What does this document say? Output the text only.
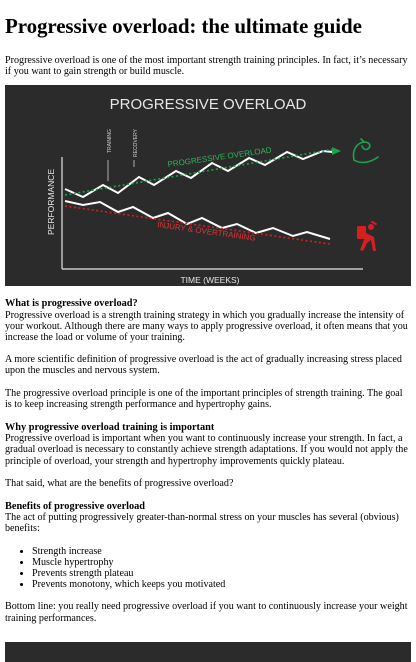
Progressive overload: the ultimate guide

Progressive overload is one of the most important strength training principles. In fact, it’s necessary if you want to gain strength or build muscle.

PROGRESSIVE OVERLOAD
PERFORMANCE
TIME (WEEKS)
TRAINING	RECOVERY
PROGRESSIVE OVERLOAD
INJURY & OVERTRAINING
What is progressive overload?

Progressive overload is a strength training strategy in which you gradually increase the intensity of your workout. Although there are many ways to apply progressive overload, it often means that you increase the load or volume of your training.

A more scientific definition of progressive overload is the act of gradually increasing stress placed upon the muscles and nervous system.

The progressive overload principle is one of the important principles of strength training. The goal is to keep increasing strength performance and hypertrophy gains.

Why progressive overload training is important

Progressive overload is important when you want to continuously increase your strength. In fact, a gradual overload is necessary to constantly achieve strength adaptations. If you would not apply the principle of overload, your strength and hypertrophy improvements quickly plateau.

That said, what are the benefits of progressive overload?

Benefits of progressive overload

The act of putting progressively greater-than-normal stress on your muscles has several (obvious) benefits:

• Strength increase
• Muscle hypertrophy
• Prevents strength plateau
• Prevents monotony, which keeps you motivated

Bottom line: you really need progressive overload if you want to continuously increase your weight training performances.
